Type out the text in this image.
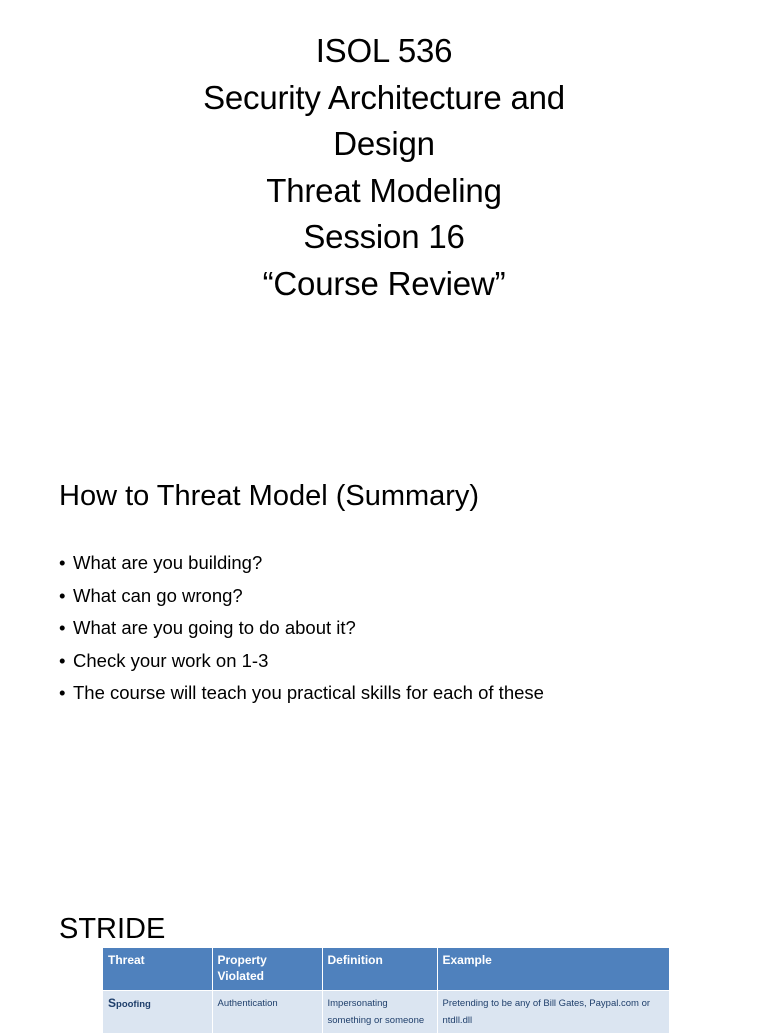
ISOL 536
Security Architecture and
Design
Threat Modeling
Session 16
“Course Review”
How to Threat Model (Summary)
• What are you building?
• What can go wrong?
• What are you going to do about it?
• Check your work on 1-3
• The course will teach you practical skills for each of these
STRIDE
Threat	Property Violated	Definition	Example
Spoofing	Authentication	Impersonating something or someone	Pretending to be any of Bill Gates, Paypal.com or ntdll.dll
